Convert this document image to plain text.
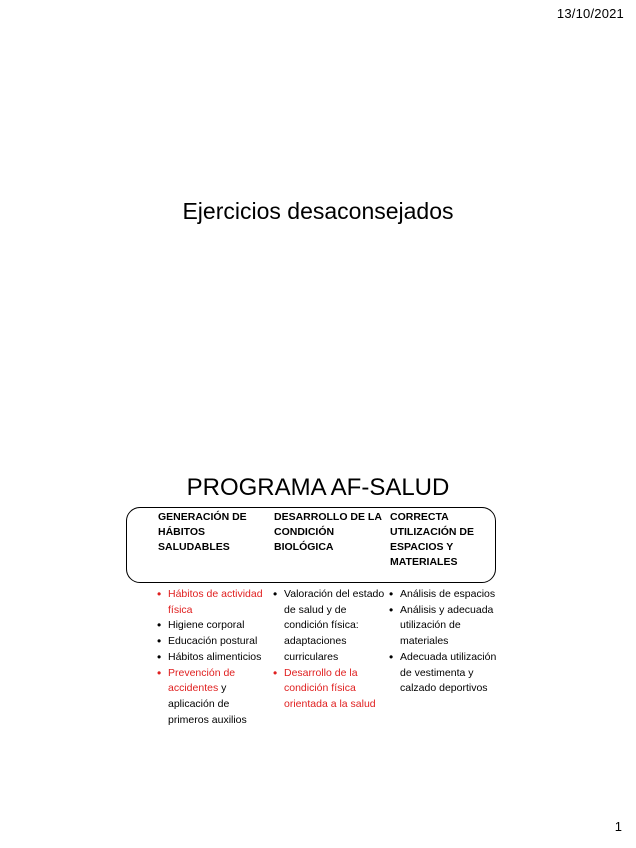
13/10/2021
Ejercicios desaconsejados
PROGRAMA AF-SALUD
GENERACIÓN DE
HÁBITOS
SALUDABLES
DESARROLLO DE LA
CONDICIÓN
BIOLÓGICA
CORRECTA
UTILIZACIÓN DE
ESPACIOS Y
MATERIALES
• Hábitos de actividad física
• Higiene corporal
• Educación postural
• Hábitos alimenticios
• Prevención de accidentes y aplicación de primeros auxilios
• Valoración del estado de salud y de condición física: adaptaciones curriculares
• Desarrollo de la condición física orientada a la salud
• Análisis de espacios
• Análisis y adecuada utilización de materiales
• Adecuada utilización de vestimenta y calzado deportivos
1
